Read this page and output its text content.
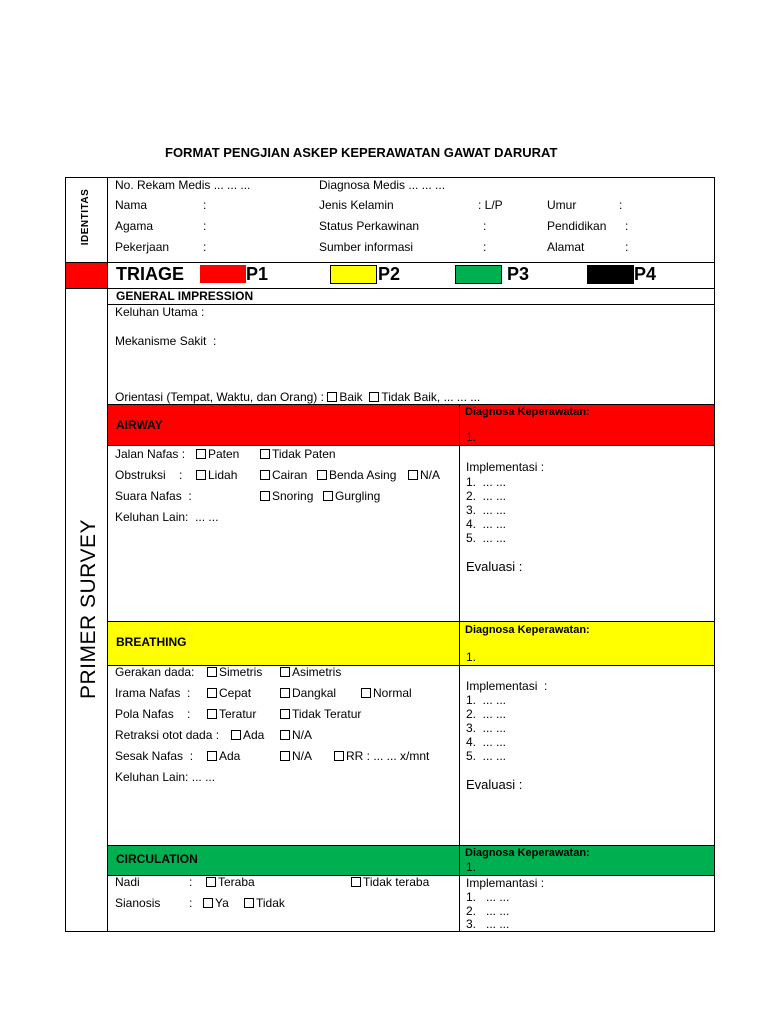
FORMAT PENGJIAN ASKEP KEPERAWATAN GAWAT DARURAT
IDENTITAS
No. Rekam Medis ... ... ...	Diagnosa Medis ... ... ...
Nama	:	Jenis Kelamin	: L/P	Umur	:
Agama	:	Status Perkawinan	:	Pendidikan :
Pekerjaan	:	Sumber informasi	:	Alamat	:
TRIAGE	P1	P2	P3	P4
PRIMER SURVEY
GENERAL IMPRESSION
Keluhan Utama :
Mekanisme Sakit  :
Orientasi (Tempat, Waktu, dan Orang) : Baik Tidak Baik, ... ... ...
AIRWAY
Diagnosa Keperawatan:
1.
Jalan Nafas :	Paten	Tidak Paten
Obstruksi    :	Lidah	Cairan	Benda Asing	N/A
Suara Nafas  :	Snoring	Gurgling
Keluhan Lain:  ... ...
Implementasi :
1.  ... ...
2.  ... ...
3.  ... ...
4.  ... ...
5.  ... ...
Evaluasi :
BREATHING
Diagnosa Keperawatan:
1.
Gerakan dada:	Simetris	Asimetris
Irama Nafas  :	Cepat	Dangkal	Normal
Pola Nafas    :	Teratur	Tidak Teratur
Retraksi otot dada :	Ada	N/A
Sesak Nafas  :	Ada	N/A	RR : ... ... x/mnt
Keluhan Lain: ... ...
Implementasi  :
1.  ... ...
2.  ... ...
3.  ... ...
4.  ... ...
5.  ... ...
Evaluasi :
CIRCULATION	Diagnosa Keperawatan:
1.
Nadi	:	Teraba	Tidak teraba
Sianosis :	Ya	Tidak
Implemantasi :
1.   ... ...
2.   ... ...
3.   ... ...
